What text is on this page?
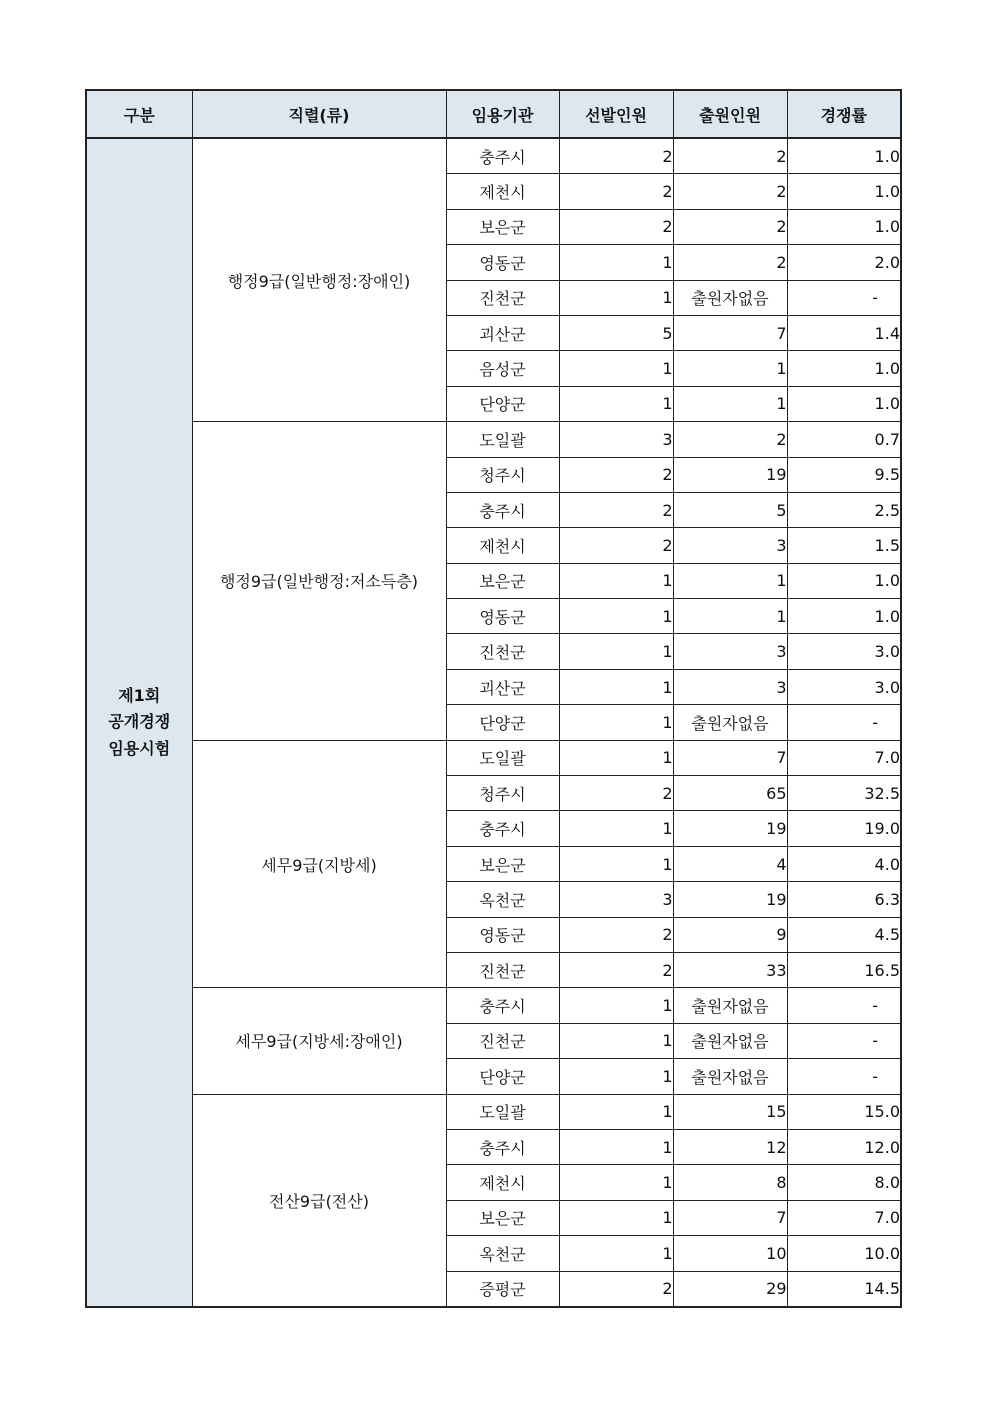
구분	직렬(류)	임용기관	선발인원	출원인원	경쟁률

제1회
공개경쟁
임용시험	행정9급(일반행정:장애인)	충주시	2	2	1.0
		제천시	2	2	1.0
		보은군	2	2	1.0
		영동군	1	2	2.0
		진천군	1	출원자없음	-
		괴산군	5	7	1.4
		음성군	1	1	1.0
		단양군	1	1	1.0
	행정9급(일반행정:저소득층)	도일괄	3	2	0.7
		청주시	2	19	9.5
		충주시	2	5	2.5
		제천시	2	3	1.5
		보은군	1	1	1.0
		영동군	1	1	1.0
		진천군	1	3	3.0
		괴산군	1	3	3.0
		단양군	1	출원자없음	-
	세무9급(지방세)	도일괄	1	7	7.0
		청주시	2	65	32.5
		충주시	1	19	19.0
		보은군	1	4	4.0
		옥천군	3	19	6.3
		영동군	2	9	4.5
		진천군	2	33	16.5
	세무9급(지방세:장애인)	충주시	1	출원자없음	-
		진천군	1	출원자없음	-
		단양군	1	출원자없음	-
	전산9급(전산)	도일괄	1	15	15.0
		충주시	1	12	12.0
		제천시	1	8	8.0
		보은군	1	7	7.0
		옥천군	1	10	10.0
		증평군	2	29	14.5
